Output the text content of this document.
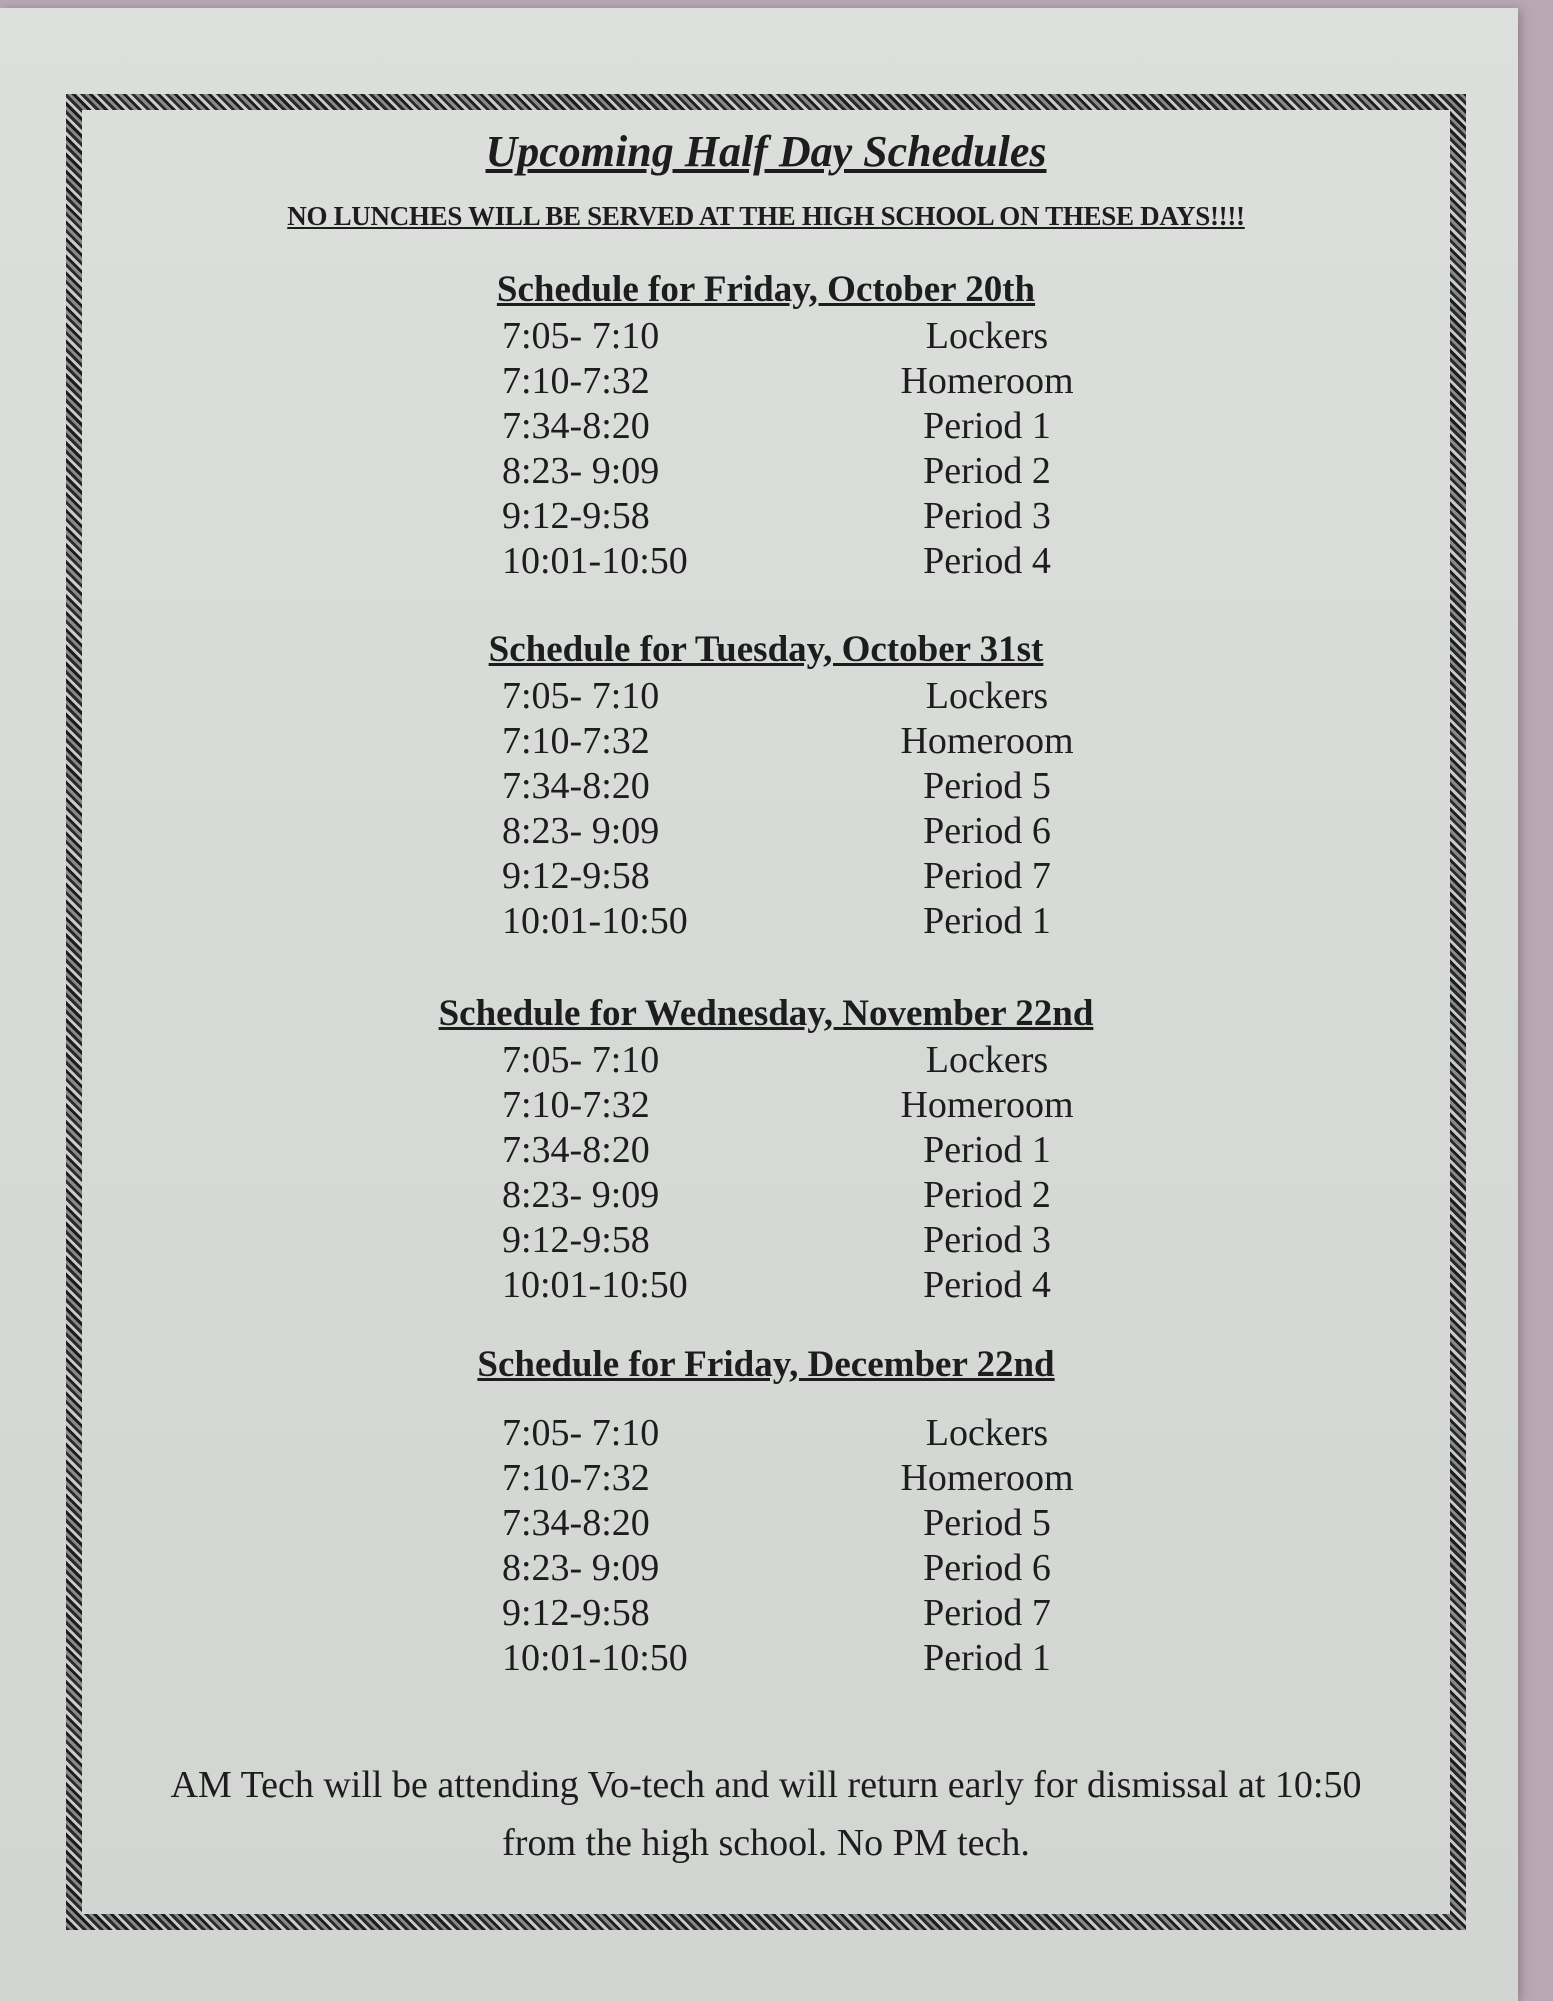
Upcoming Half Day Schedules

NO LUNCHES WILL BE SERVED AT THE HIGH SCHOOL ON THESE DAYS!!!!

Schedule for Friday, October 20th
7:05- 7:10	Lockers
7:10-7:32	Homeroom
7:34-8:20	Period 1
8:23- 9:09	Period 2
9:12-9:58	Period 3
10:01-10:50	Period 4
Schedule for Tuesday, October 31st
7:05- 7:10	Lockers
7:10-7:32	Homeroom
7:34-8:20	Period 5
8:23- 9:09	Period 6
9:12-9:58	Period 7
10:01-10:50	Period 1
Schedule for Wednesday, November 22nd
7:05- 7:10	Lockers
7:10-7:32	Homeroom
7:34-8:20	Period 1
8:23- 9:09	Period 2
9:12-9:58	Period 3
10:01-10:50	Period 4
Schedule for Friday, December 22nd
7:05- 7:10	Lockers
7:10-7:32	Homeroom
7:34-8:20	Period 5
8:23- 9:09	Period 6
9:12-9:58	Period 7
10:01-10:50	Period 1

AM Tech will be attending Vo-tech and will return early for dismissal at 10:50
from the high school. No PM tech.
